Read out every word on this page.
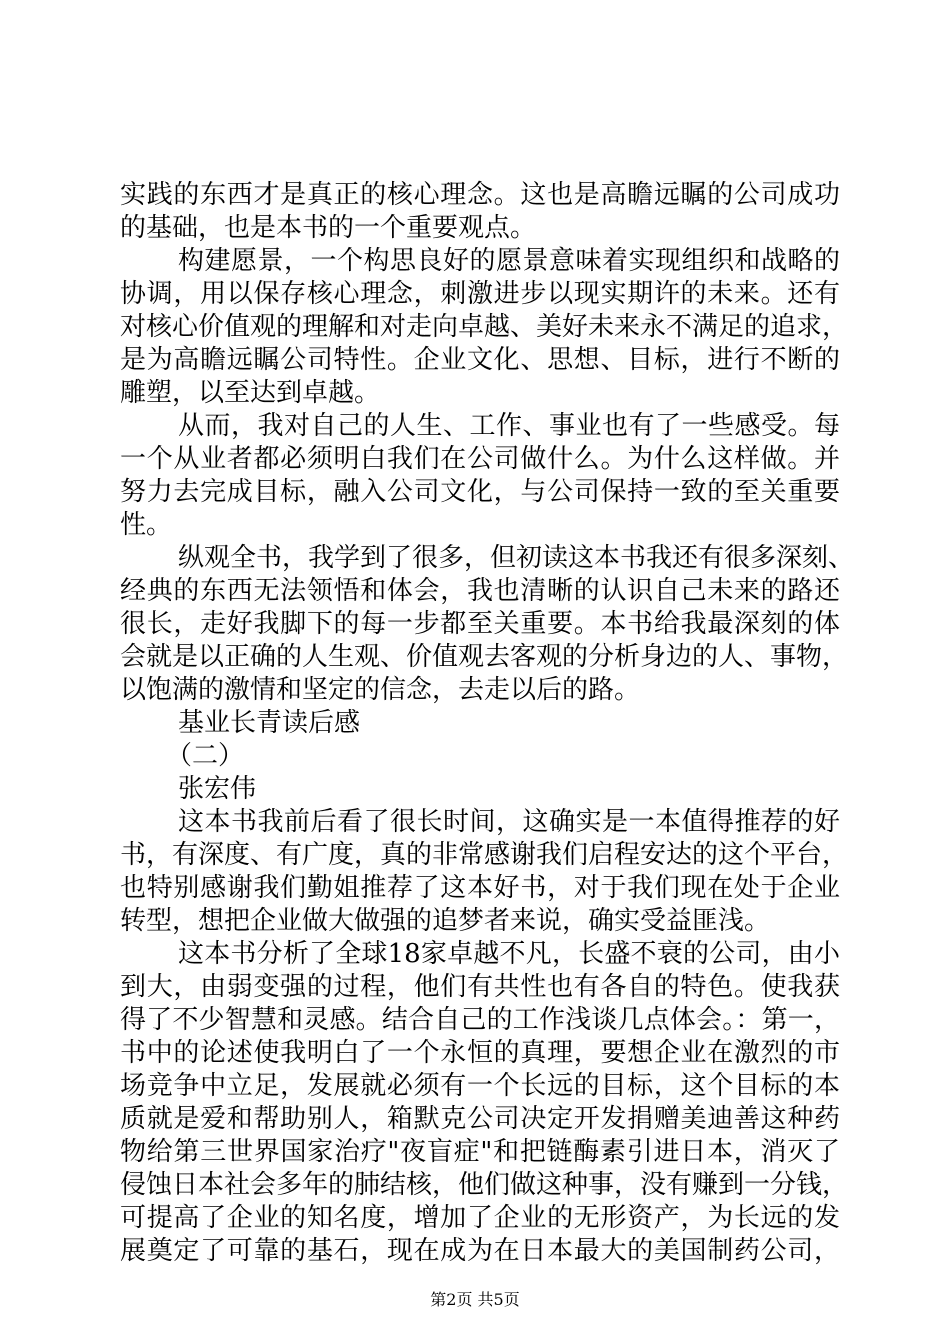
实践的东西才是真正的核心理念。这也是高瞻远瞩的公司成功
的基础，也是本书的一个重要观点。
构建愿景，一个构思良好的愿景意味着实现组织和战略的
协调，用以保存核心理念，刺激进步以现实期许的未来。还有
对核心价值观的理解和对走向卓越、美好未来永不满足的追求，
是为高瞻远瞩公司特性。企业文化、思想、目标，进行不断的
雕塑，以至达到卓越。
从而，我对自己的人生、工作、事业也有了一些感受。每
一个从业者都必须明白我们在公司做什么。为什么这样做。并
努力去完成目标，融入公司文化，与公司保持一致的至关重要
性。
纵观全书，我学到了很多，但初读这本书我还有很多深刻、
经典的东西无法领悟和体会，我也清晰的认识自己未来的路还
很长，走好我脚下的每一步都至关重要。本书给我最深刻的体
会就是以正确的人生观、价值观去客观的分析身边的人、事物，
以饱满的激情和坚定的信念，去走以后的路。
基业长青读后感
（二）
张宏伟
这本书我前后看了很长时间，这确实是一本值得推荐的好
书，有深度、有广度，真的非常感谢我们启程安达的这个平台，
也特别感谢我们勤姐推荐了这本好书，对于我们现在处于企业
转型，想把企业做大做强的追梦者来说，确实受益匪浅。
这本书分析了全球18家卓越不凡，长盛不衰的公司，由小
到大，由弱变强的过程，他们有共性也有各自的特色。使我获
得了不少智慧和灵感。结合自己的工作浅谈几点体会。：第一，
书中的论述使我明白了一个永恒的真理，要想企业在激烈的市
场竞争中立足，发展就必须有一个长远的目标，这个目标的本
质就是爱和帮助别人，箱默克公司决定开发捐赠美迪善这种药
物给第三世界国家治疗"夜盲症"和把链酶素引进日本，消灭了
侵蚀日本社会多年的肺结核，他们做这种事，没有赚到一分钱，
可提高了企业的知名度，增加了企业的无形资产，为长远的发
展奠定了可靠的基石，现在成为在日本最大的美国制药公司，
第2页 共5页
